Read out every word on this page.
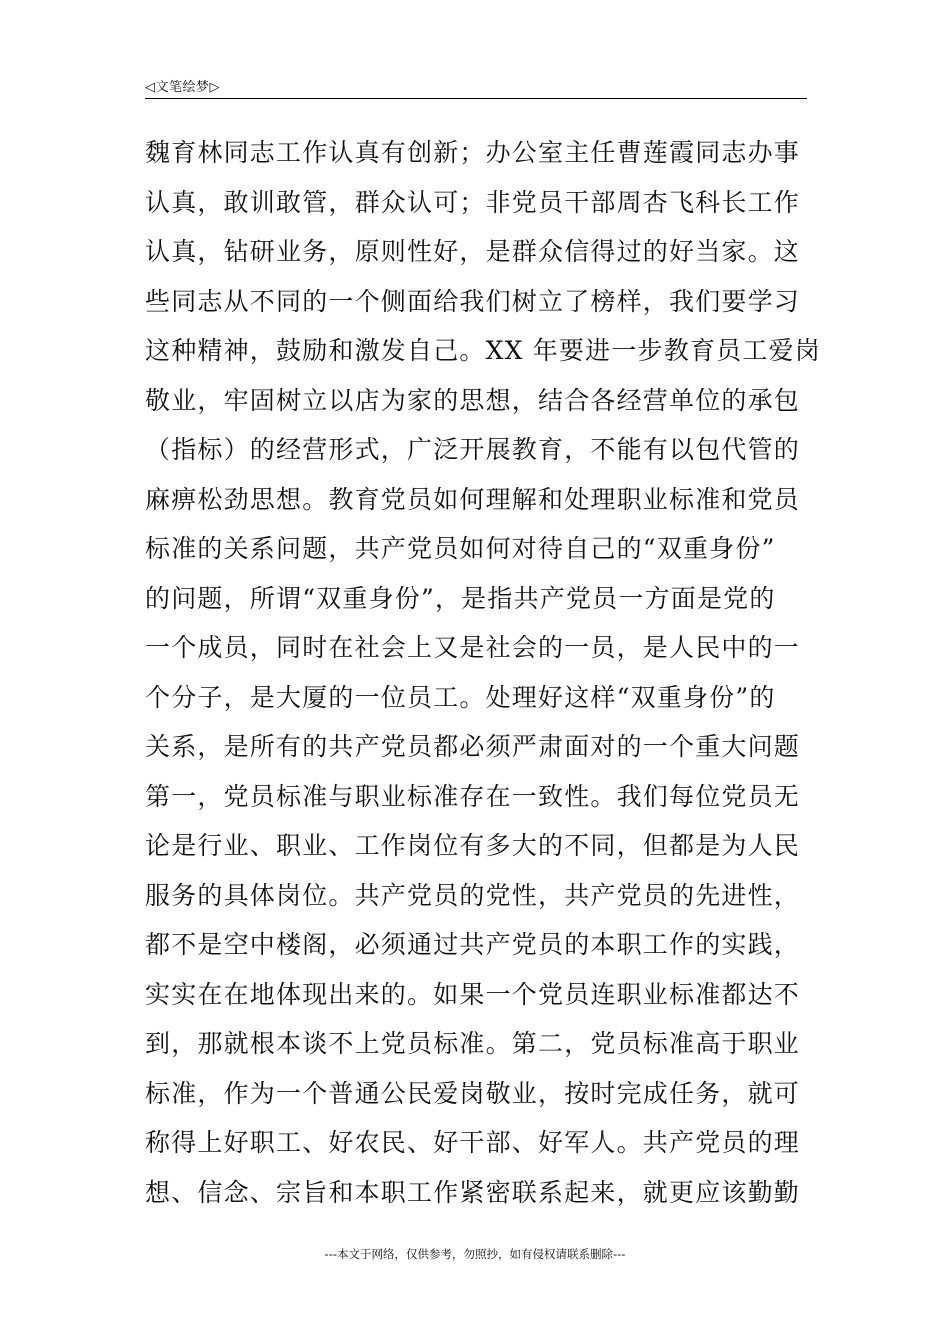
◁文笔绘梦▷
魏育林同志工作认真有创新；办公室主任曹莲霞同志办事
认真，敢训敢管，群众认可；非党员干部周杏飞科长工作
认真，钻研业务，原则性好，是群众信得过的好当家。这
些同志从不同的一个侧面给我们树立了榜样，我们要学习
这种精神，鼓励和激发自己。XX 年要进一步教育员工爱岗
敬业，牢固树立以店为家的思想，结合各经营单位的承包
（指标）的经营形式，广泛开展教育，不能有以包代管的
麻痹松劲思想。教育党员如何理解和处理职业标准和党员
标准的关系问题，共产党员如何对待自己的“双重身份”
的问题，所谓“双重身份”，是指共产党员一方面是党的
一个成员，同时在社会上又是社会的一员，是人民中的一
个分子，是大厦的一位员工。处理好这样“双重身份”的
关系，是所有的共产党员都必须严肃面对的一个重大问题
第一，党员标准与职业标准存在一致性。我们每位党员无
论是行业、职业、工作岗位有多大的不同，但都是为人民
服务的具体岗位。共产党员的党性，共产党员的先进性，
都不是空中楼阁，必须通过共产党员的本职工作的实践，
实实在在地体现出来的。如果一个党员连职业标准都达不
到，那就根本谈不上党员标准。第二，党员标准高于职业
标准，作为一个普通公民爱岗敬业，按时完成任务，就可
称得上好职工、好农民、好干部、好军人。共产党员的理
想、信念、宗旨和本职工作紧密联系起来，就更应该勤勤
---本文于网络，仅供参考，勿照抄，如有侵权请联系删除---
